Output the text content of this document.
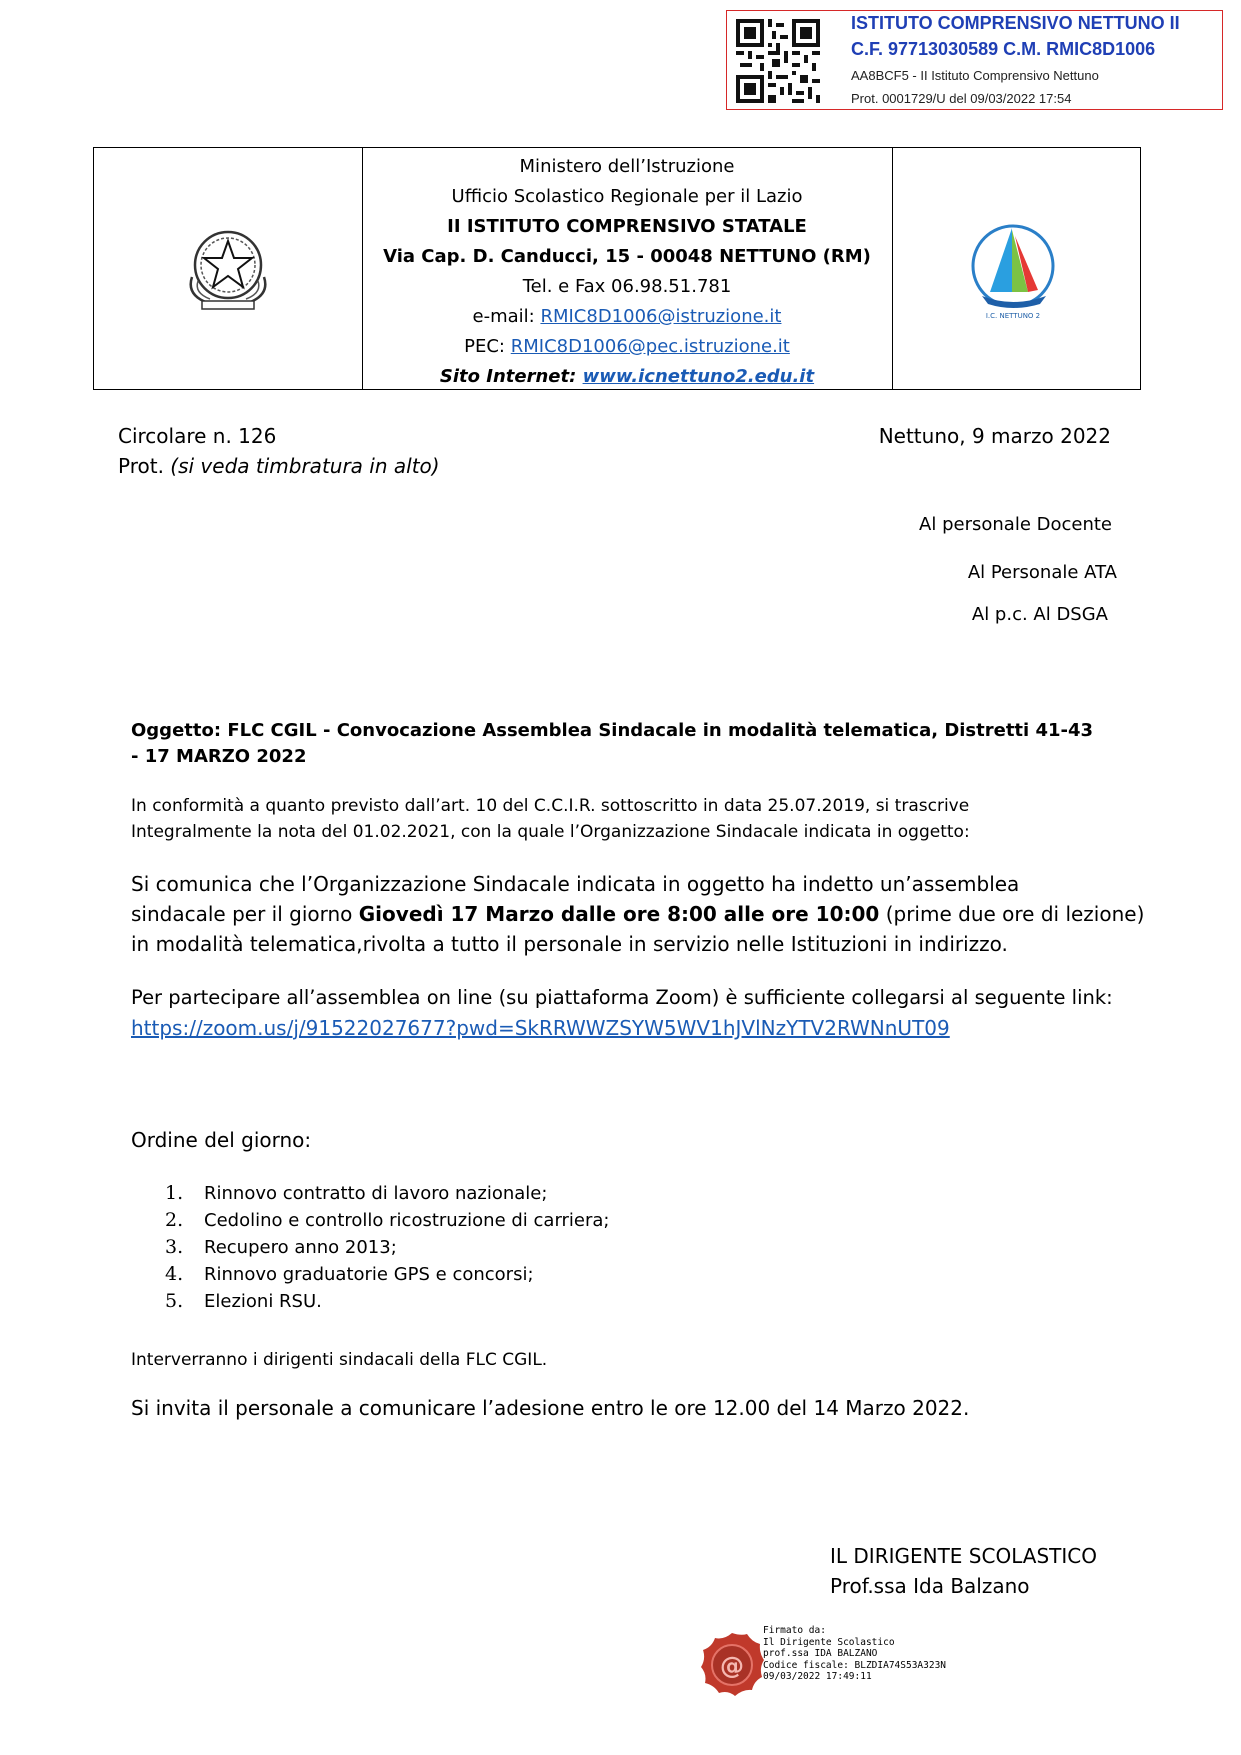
ISTITUTO COMPRENSIVO NETTUNO II
C.F. 97713030589 C.M. RMIC8D1006
AA8BCF5 - II Istituto Comprensivo Nettuno
Prot. 0001729/U del 09/03/2022 17:54
I.C. NETTUNO 2
Ministero dell’Istruzione
Ufficio Scolastico Regionale per il Lazio
II ISTITUTO COMPRENSIVO STATALE
Via Cap. D. Canducci, 15 - 00048 NETTUNO (RM)
Tel. e Fax 06.98.51.781
e-mail: RMIC8D1006@istruzione.it
PEC: RMIC8D1006@pec.istruzione.it
Sito Internet: www.icnettuno2.edu.it
Circolare n. 126
Prot. (si veda timbratura in alto)
Nettuno, 9 marzo 2022
Al personale Docente
Al Personale ATA
Al p.c. Al DSGA
Oggetto: FLC CGIL - Convocazione Assemblea Sindacale in modalità telematica, Distretti 41-43
- 17 MARZO 2022
In conformità a quanto previsto dall’art. 10 del C.C.I.R. sottoscritto in data 25.07.2019, si trascrive
Integralmente la nota del 01.02.2021, con la quale l’Organizzazione Sindacale indicata in oggetto:
Si comunica che l’Organizzazione Sindacale indicata in oggetto ha indetto un’assemblea
sindacale per il giorno Giovedì 17 Marzo dalle ore 8:00 alle ore 10:00 (prime due ore di lezione)
in modalità telematica,rivolta a tutto il personale in servizio nelle Istituzioni in indirizzo.
Per partecipare all’assemblea on line (su piattaforma Zoom) è sufficiente collegarsi al seguente link:
https://zoom.us/j/91522027677?pwd=SkRRWWZSYW5WV1hJVlNzYTV2RWNnUT09
Ordine del giorno:
1. Rinnovo contratto di lavoro nazionale;
2. Cedolino e controllo ricostruzione di carriera;
3. Recupero anno 2013;
4. Rinnovo graduatorie GPS e concorsi;
5. Elezioni RSU.
Interverranno i dirigenti sindacali della FLC CGIL.
Si invita il personale a comunicare l’adesione entro le ore 12.00 del 14 Marzo 2022.
IL DIRIGENTE SCOLASTICO
Prof.ssa Ida Balzano
@
Firmato da:
Il Dirigente Scolastico
prof.ssa IDA BALZANO
Codice fiscale: BLZDIA74S53A323N
09/03/2022 17:49:11
